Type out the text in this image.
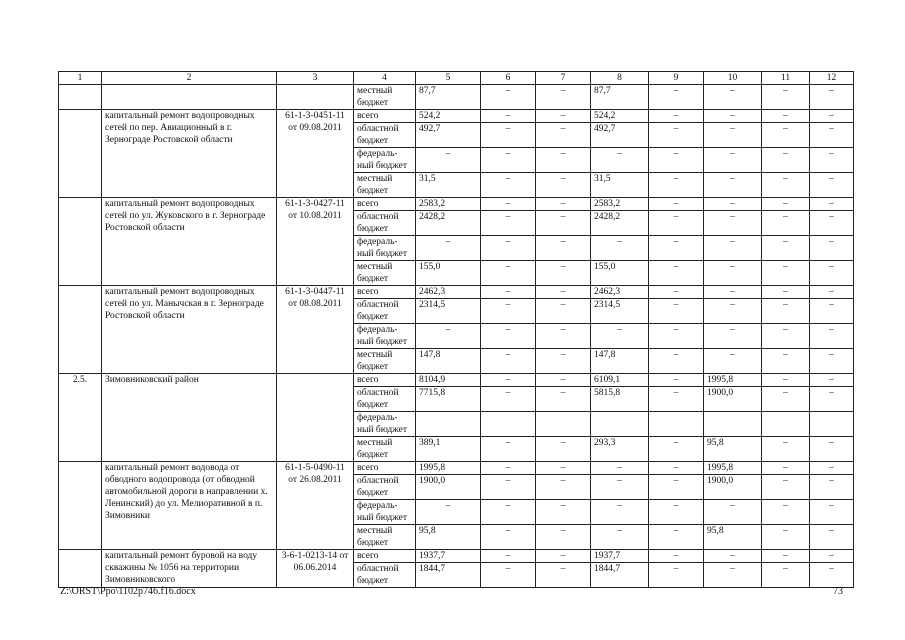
1	2	3	4	5	6	7	8	9	10	11	12
			местный бюджет	87,7	–	–	87,7	–	–	–	–
	капитальный ремонт водопроводных сетей по пер. Авиационный в г. Зернограде Ростовской области	61-1-3-0451-11 от 09.08.2011	всего	524,2	–	–	524,2	–	–	–	–
			областной бюджет	492,7	–	–	492,7	–	–	–	–
			федераль-ный бюджет	–	–	–	–	–	–	–	–
			местный бюджет	31,5	–	–	31,5	–	–	–	–
	капитальный ремонт водопроводных сетей по ул. Жуковского в г. Зернограде Ростовской области	61-1-3-0427-11 от 10.08.2011	всего	2583,2	–	–	2583,2	–	–	–	–
			областной бюджет	2428,2	–	–	2428,2	–	–	–	–
			федераль-ный бюджет	–	–	–	–	–	–	–	–
			местный бюджет	155,0	–	–	155,0	–	–	–	–
	капитальный ремонт водопроводных сетей по ул. Манычская в г. Зернограде Ростовской области	61-1-3-0447-11 от 08.08.2011	всего	2462,3	–	–	2462,3	–	–	–	–
			областной бюджет	2314,5	–	–	2314,5	–	–	–	–
			федераль-ный бюджет	–	–	–	–	–	–	–	–
			местный бюджет	147,8	–	–	147,8	–	–	–	–
2.5.	Зимовниковский район		всего	8104,9	–	–	6109,1	–	1995,8	–	–
			областной бюджет	7715,8	–	–	5815,8	–	1900,0	–	–
			федераль-ный бюджет								
			местный бюджет	389,1	–	–	293,3	–	95,8	–	–
	капитальный ремонт водовода от обводного водопровода (от обводной автомобильной дороги в направлении х. Ленинский) до ул. Мелиоративной в п. Зимовники	61-1-5-0490-11 от 26.08.2011	всего	1995,8	–	–	–	–	1995,8	–	–
			областной бюджет	1900,0	–	–	–	–	1900,0	–	–
			федераль-ный бюджет	–	–	–	–	–	–	–	–
			местный бюджет	95,8	–	–	–	–	95,8	–	–
	капитальный ремонт буровой на воду скважины № 1056 на территории Зимовниковского	3-6-1-0213-14 от 06.06.2014	всего	1937,7	–	–	1937,7	–	–	–	–
			областной бюджет	1844,7	–	–	1844,7	–	–	–	–
Z:\ORST\Ppo\1102p746.f16.docx	73
